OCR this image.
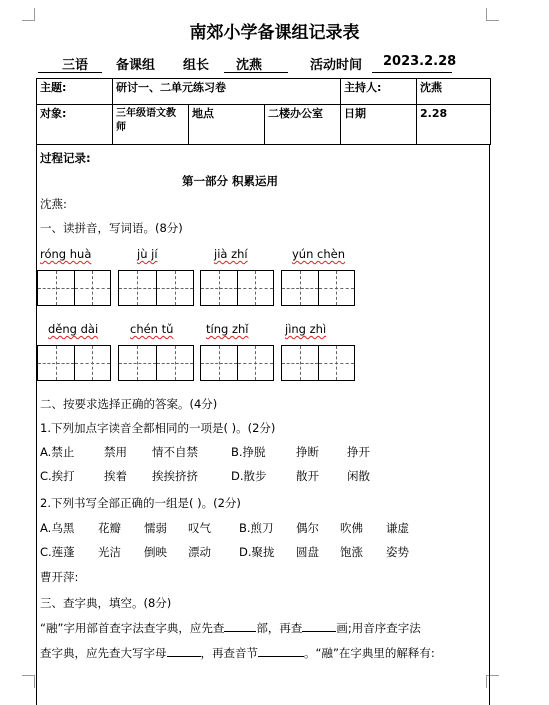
南郊小学备课组记录表
三语 备课组 组长 沈燕	活动时间 2023.2.28
主题:	研讨一、二单元练习卷			主持人:	沈燕
对象:	三年级语文教师	地点	二楼办公室	日期	2.28
过程记录:
第一部分 积累运用
沈燕:
一、读拼音，写词语。(8分)
róng huà	jù jí	jià zhí	yún chèn
děng dài	chén tǔ	tíng zhǐ	jìng zhì
二、按要求选择正确的答案。(4分)
1.下列加点字读音全都相同的一项是( )。(2分)
A.禁止	禁用 情不自禁	B.挣脱	挣断 挣开
C.挨打	挨着 挨挨挤挤	D.散步	散开 闲散
2.下列书写全部正确的一组是( )。(2分)
A.乌黑 花瓣 懦弱 叹气 B.煎刀 偶尔 吹佛 谦虚
C.莲蓬 光洁 倒映 漂动 D.聚拢 圆盘 饱涨 姿势
曹开萍:
三、查字典，填空。(8分)
“融”字用部首查字法查字典，应先查	部，再查	画;用音序查字法
查字典，应先查大写字母	，再查音节	。“融”在字典里的解释有:
